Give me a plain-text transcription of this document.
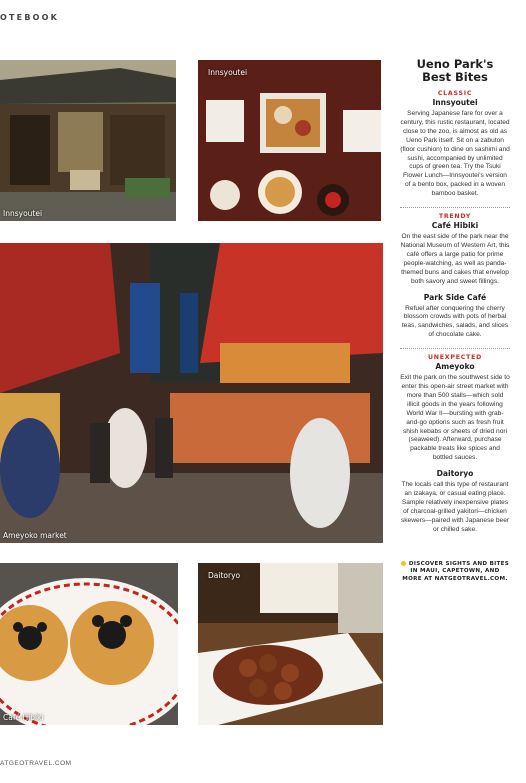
OTEBOOK
Innsyoutei
Innsyoutei
Ameyoko market
Café Hibiki
Daitoryo
Ueno Park's
Best Bites
CLASSIC
Innsyoutei

Serving Japanese fare for over a century, this rustic restaurant, located close to the zoo, is almost as old as Ueno Park itself. Sit on a zabuton (floor cushion) to dine on sashimi and sushi, accompanied by unlimited cups of green tea. Try the Tsuki Flower Lunch—Innsyoutei's version of a bento box, packed in a woven bamboo basket.

TRENDY
Café Hibiki

On the east side of the park near the National Museum of Western Art, this café offers a large patio for prime people-watching, as well as panda-themed buns and cakes that envelop both savory and sweet fillings.

Park Side Café

Refuel after conquering the cherry blossom crowds with pots of herbal teas, sandwiches, salads, and slices of chocolate cake.

UNEXPECTED
Ameyoko

Exit the park on the southwest side to enter this open-air street market with more than 500 stalls—which sold illicit goods in the years following World War II—bursting with grab-and-go options such as fresh fruit shish kebabs or sheets of dried nori (seaweed). Afterward, purchase packable treats like spices and bottled sauces.

Daitoryo

The locals call this type of restaurant an izakaya, or casual eating place. Sample relatively inexpensive plates of charcoal-grilled yakitori—chicken skewers—paired with Japanese beer or chilled sake.

DISCOVER SIGHTS AND BITES IN MAUI, CAPETOWN, AND MORE AT NATGEOTRAVEL.COM.
ATGEOTRAVEL.COM
